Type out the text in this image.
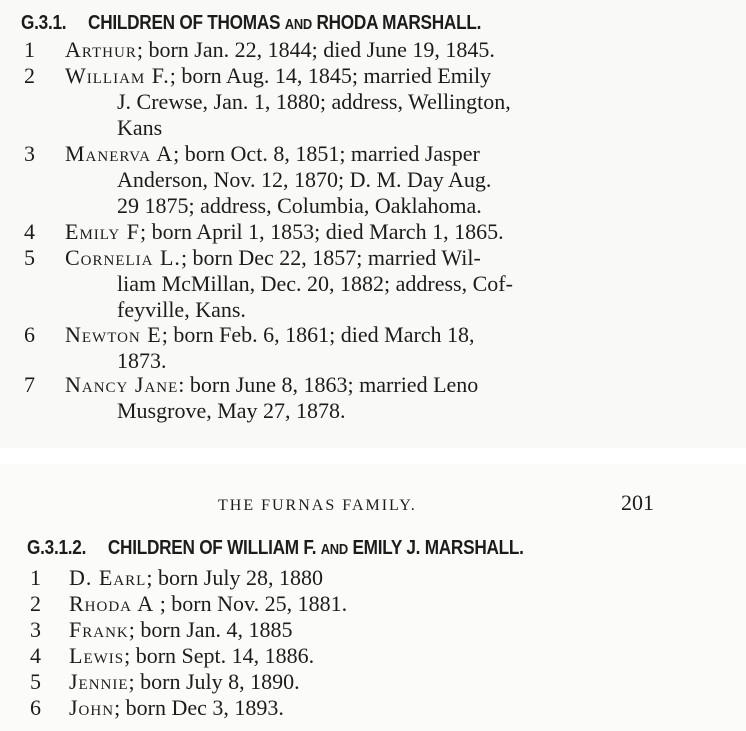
G.3.1. CHILDREN OF THOMAS AND RHODA MARSHALL.
1 Arthur; born Jan. 22, 1844; died June 19, 1845.
2 William F.; born Aug. 14, 1845; married Emily
J. Crewse, Jan. 1, 1880; address, Wellington,
Kans
3 Manerva A; born Oct. 8, 1851; married Jasper
Anderson, Nov. 12, 1870; D. M. Day Aug.
29 1875; address, Columbia, Oaklahoma.
4 Emily F; born April 1, 1853; died March 1, 1865.
5 Cornelia L.; born Dec 22, 1857; married Wil-
liam McMillan, Dec. 20, 1882; address, Cof-
feyville, Kans.
6 Newton E; born Feb. 6, 1861; died March 18,
1873.
7 Nancy Jane: born June 8, 1863; married Leno
Musgrove, May 27, 1878.
THE FURNAS FAMILY.	201
G.3.1.2. CHILDREN OF WILLIAM F. AND EMILY J. MARSHALL.
1 D. Earl; born July 28, 1880
2 Rhoda A ; born Nov. 25, 1881.
3 Frank; born Jan. 4, 1885
4 Lewis; born Sept. 14, 1886.
5 Jennie; born July 8, 1890.
6 John; born Dec 3, 1893.
